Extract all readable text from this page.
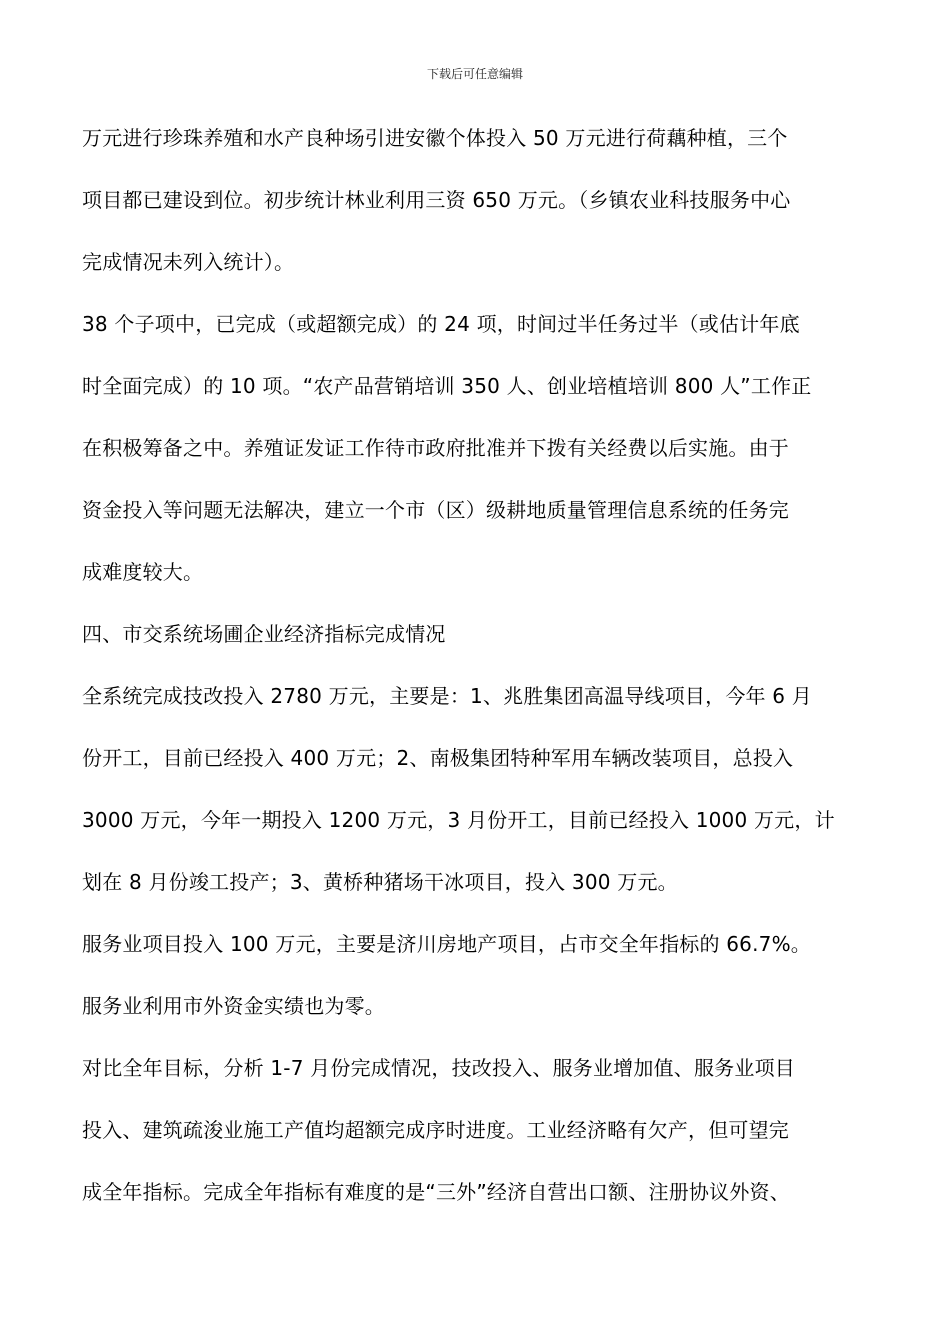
下载后可任意编辑
万元进行珍珠养殖和水产良种场引进安徽个体投入 50 万元进行荷藕种植，三个
项目都已建设到位。初步统计林业利用三资 650 万元。（乡镇农业科技服务中心
完成情况未列入统计）。
38 个子项中，已完成（或超额完成）的 24 项，时间过半任务过半（或估计年底
时全面完成）的 10 项。“农产品营销培训 350 人、创业培植培训 800 人”工作正
在积极筹备之中。养殖证发证工作待市政府批准并下拨有关经费以后实施。由于
资金投入等问题无法解决，建立一个市（区）级耕地质量管理信息系统的任务完
成难度较大。
四、市交系统场圃企业经济指标完成情况
全系统完成技改投入 2780 万元，主要是：1、兆胜集团高温导线项目，今年 6 月
份开工，目前已经投入 400 万元；2、南极集团特种军用车辆改装项目，总投入
3000 万元，今年一期投入 1200 万元，3 月份开工，目前已经投入 1000 万元，计
划在 8 月份竣工投产；3、黄桥种猪场干冰项目，投入 300 万元。
服务业项目投入 100 万元，主要是济川房地产项目，占市交全年指标的 66.7%。
服务业利用市外资金实绩也为零。
对比全年目标，分析 1-7 月份完成情况，技改投入、服务业增加值、服务业项目
投入、建筑疏浚业施工产值均超额完成序时进度。工业经济略有欠产，但可望完
成全年指标。完成全年指标有难度的是“三外”经济自营出口额、注册协议外资、
